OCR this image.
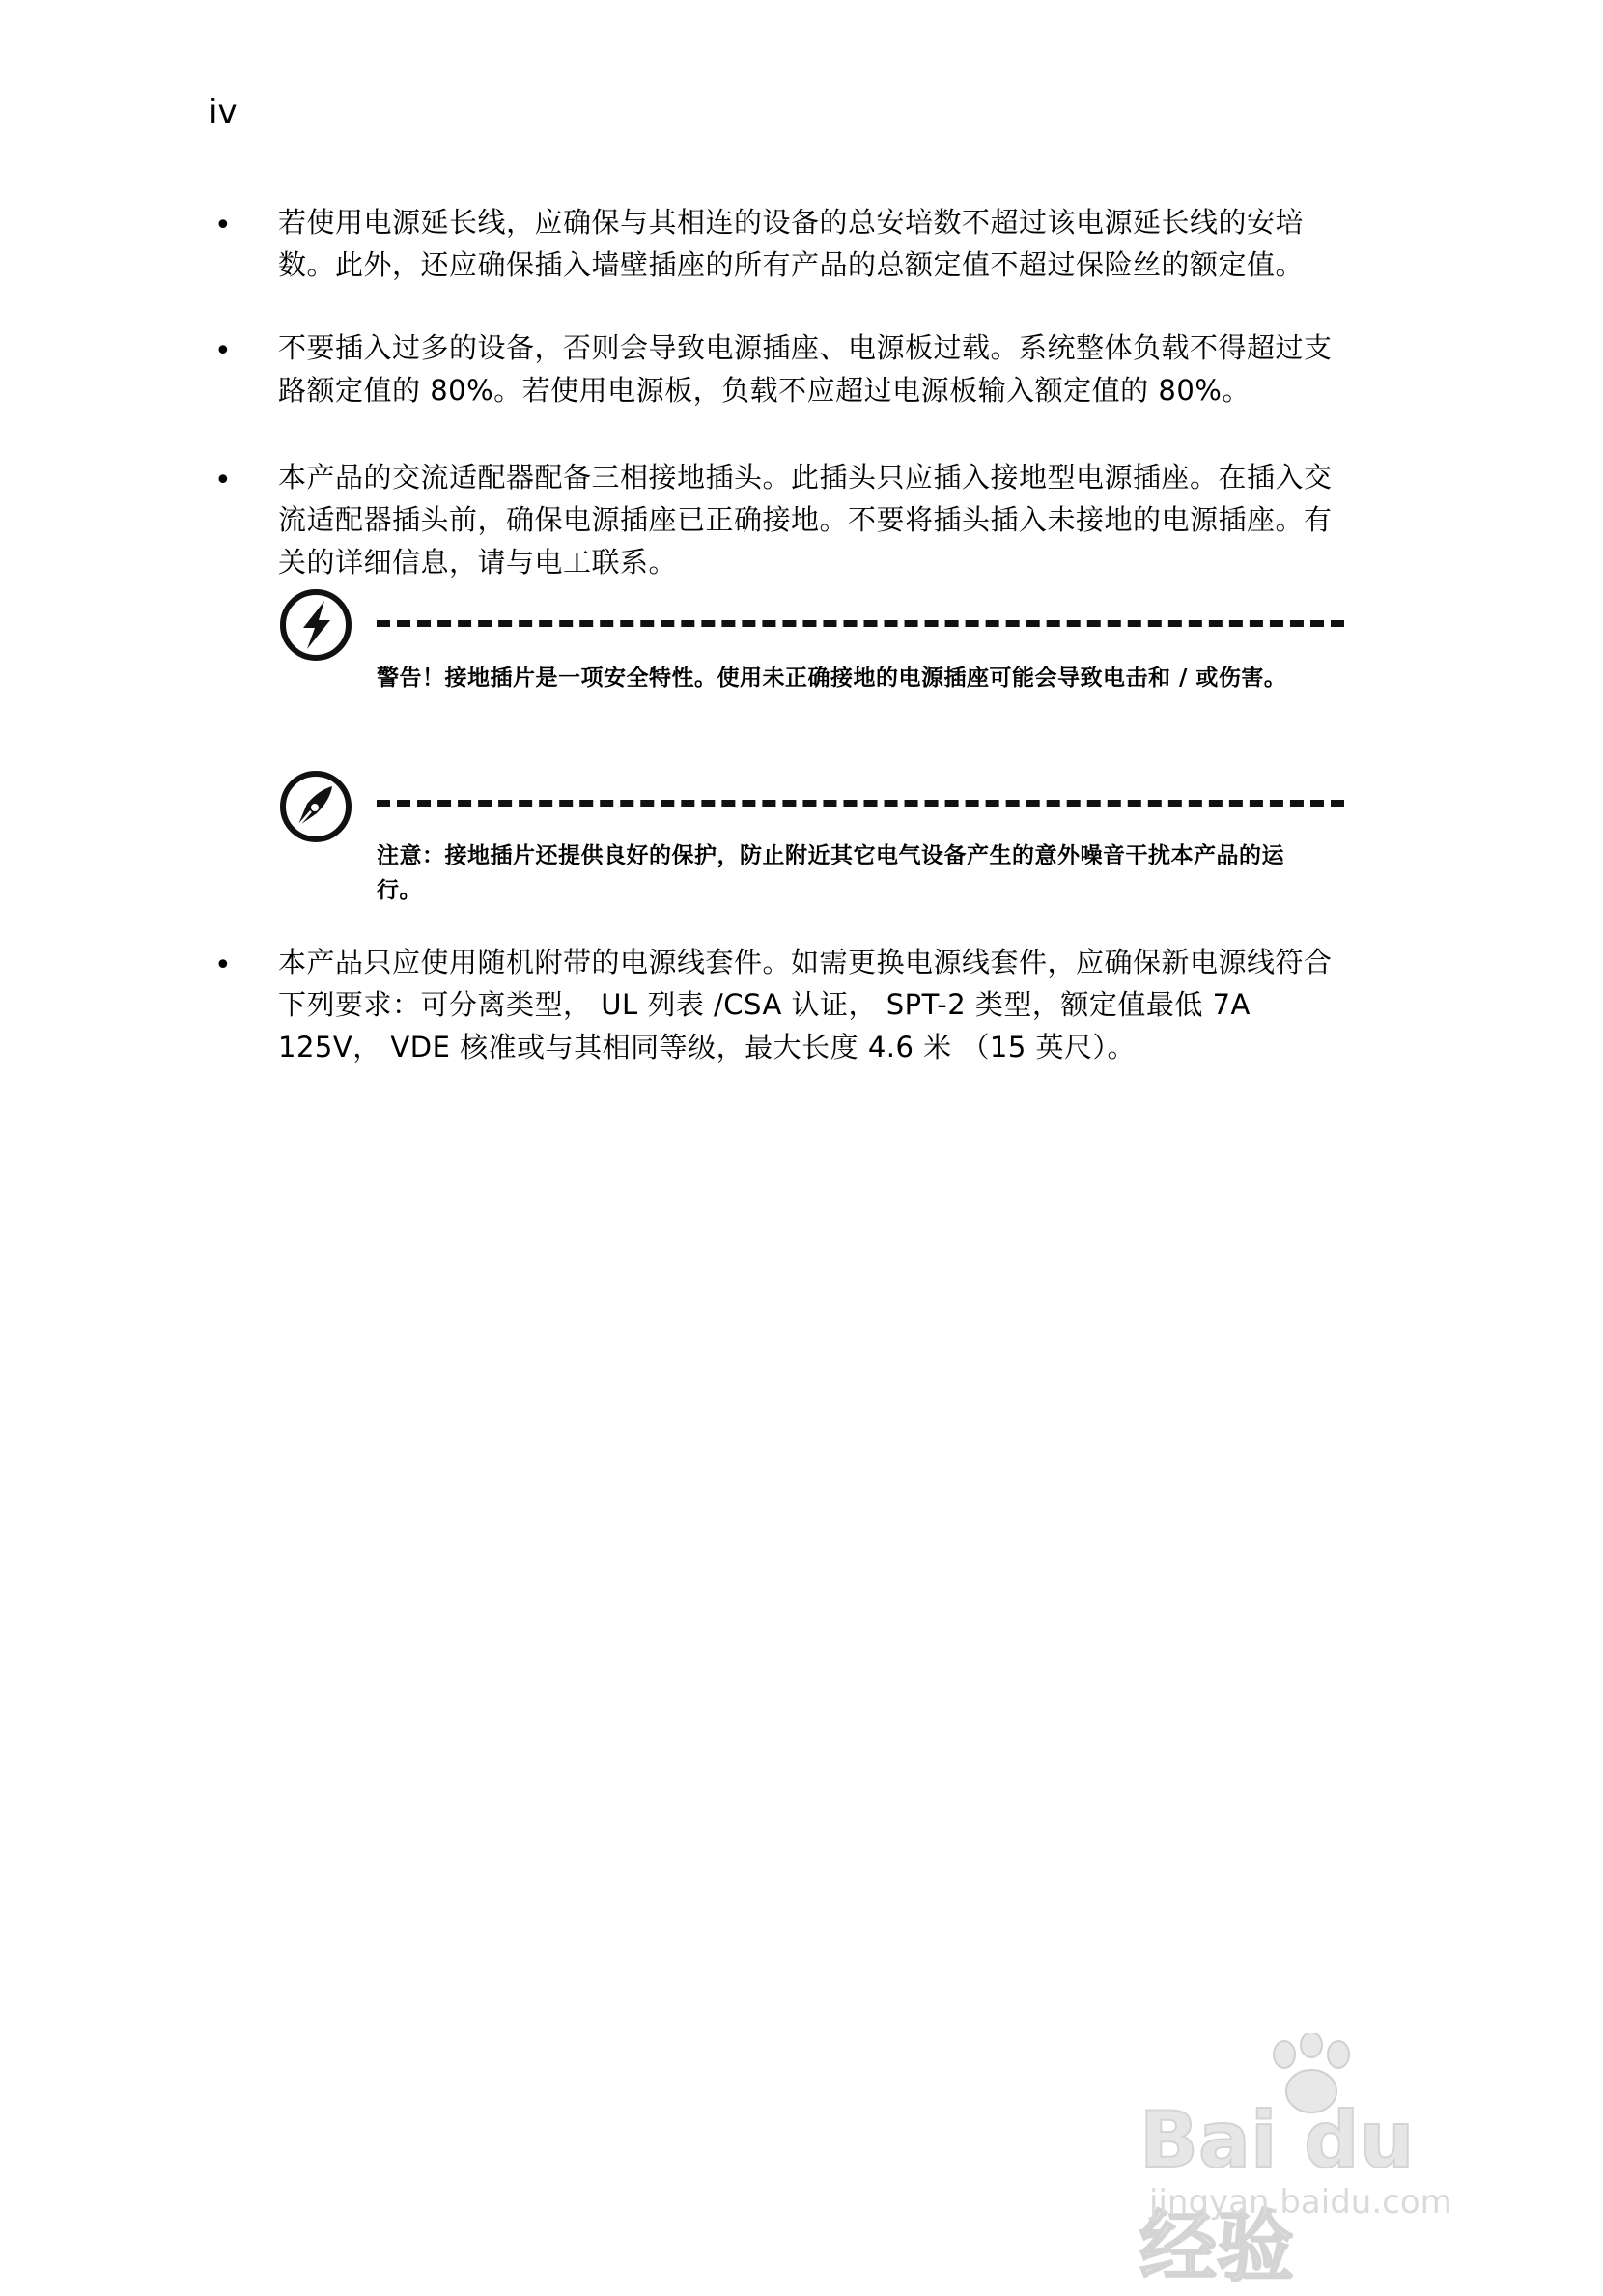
iv
• 若使用电源延长线，应确保与其相连的设备的总安培数不超过该电源延长线的安培数。此外，还应确保插入墙壁插座的所有产品的总额定值不超过保险丝的额定值。
• 不要插入过多的设备，否则会导致电源插座、电源板过载。系统整体负载不得超过支路额定值的 80%。若使用电源板，负载不应超过电源板输入额定值的 80%。
• 本产品的交流适配器配备三相接地插头。此插头只应插入接地型电源插座。在插入交流适配器插头前，确保电源插座已正确接地。不要将插头插入未接地的电源插座。有关的详细信息，请与电工联系。
警告！接地插片是一项安全特性。使用未正确接地的电源插座可能会导致电击和 / 或伤害。
注意：接地插片还提供良好的保护，防止附近其它电气设备产生的意外噪音干扰本产品的运行。
• 本产品只应使用随机附带的电源线套件。如需更换电源线套件，应确保新电源线符合下列要求：可分离类型， UL 列表 /CSA 认证， SPT-2 类型，额定值最低 7A 125V， VDE 核准或与其相同等级，最大长度 4.6 米 （15 英尺）。
Bai du 经验
jingyan.baidu.com
